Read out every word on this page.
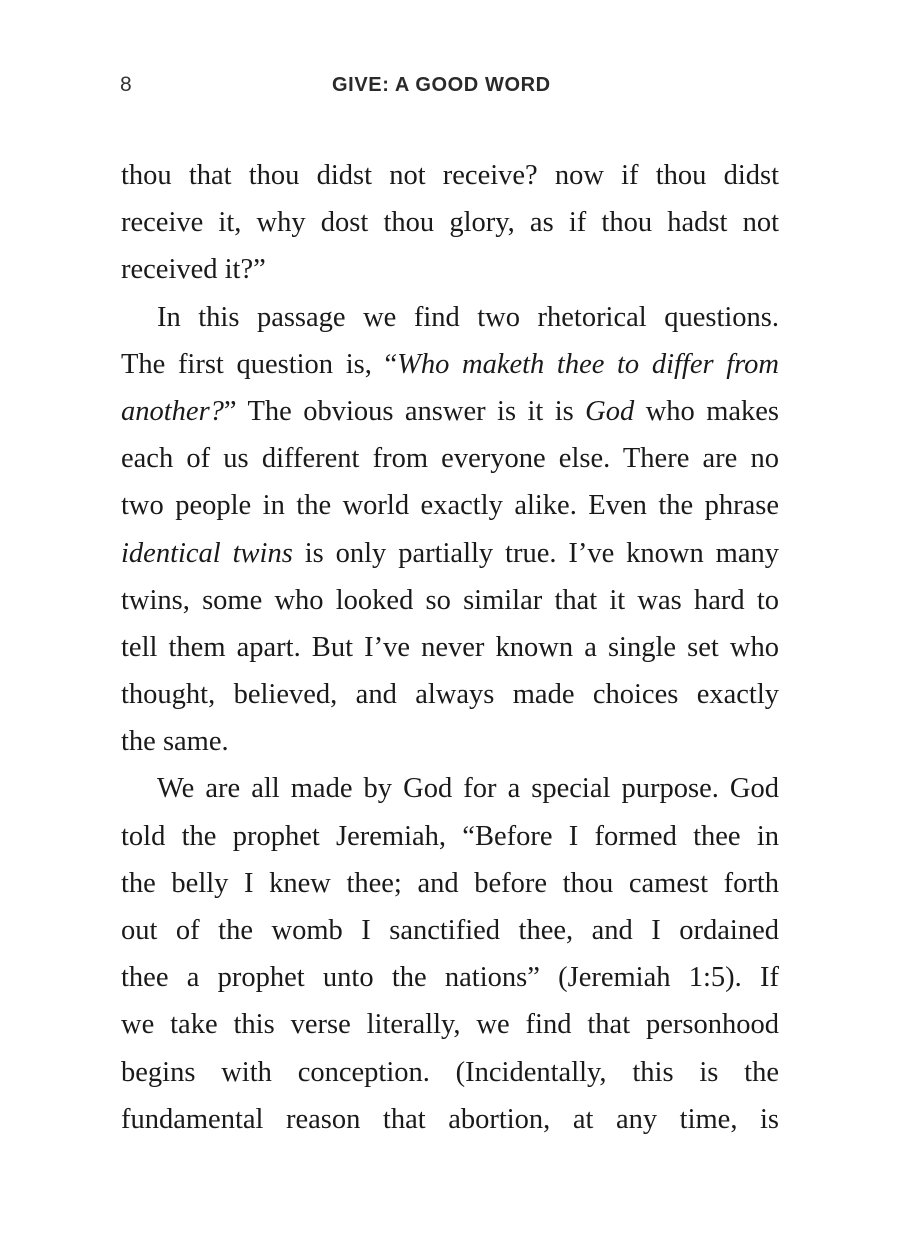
8	GIVE: A GOOD WORD
thou that thou didst not receive? now if thou didst
receive it, why dost thou glory, as if thou hadst not
received it?”
In this passage we find two rhetorical questions.
The first question is, “Who maketh thee to differ from
another?” The obvious answer is it is God who makes
each of us different from everyone else. There are no
two people in the world exactly alike. Even the phrase
identical twins is only partially true. I’ve known many
twins, some who looked so similar that it was hard to
tell them apart. But I’ve never known a single set who
thought, believed, and always made choices exactly
the same.
We are all made by God for a special purpose. God
told the prophet Jeremiah, “Before I formed thee in
the belly I knew thee; and before thou camest forth
out of the womb I sanctified thee, and I ordained
thee a prophet unto the nations” (Jeremiah 1:5). If
we take this verse literally, we find that personhood
begins with conception. (Incidentally, this is the
fundamental reason that abortion, at any time, is
